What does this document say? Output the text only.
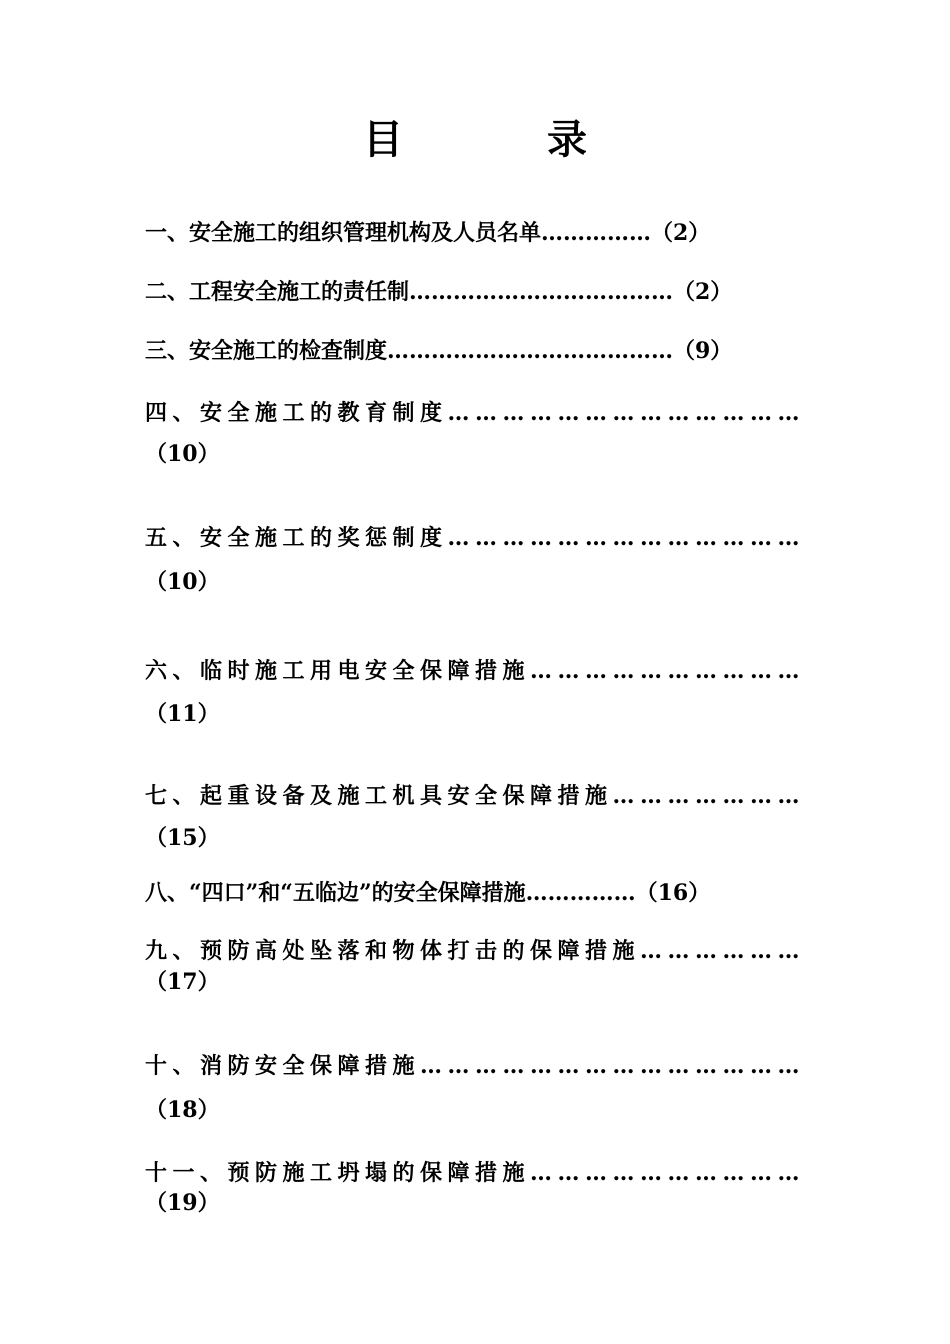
目　录
一、安全施工的组织管理机构及人员名单……………（2）
二、工程安全施工的责任制………………………………（2）
三、安全施工的检查制度…………………………………（9）
四、安全施工的教育制度…………………………………
（10）
五、安全施工的奖惩制度…………………………………
（10）
六、临时施工用电安全保障措施…………………………
（11）
七、起重设备及施工机具安全保障措施…………………
（15）
八、“四口”和“五临边”的安全保障措施……………（16）
九、预防高处坠落和物体打击的保障措施………………
（17）
十、消防安全保障措施……………………………………
（18）
十一、预防施工坍塌的保障措施…………………………
（19）
